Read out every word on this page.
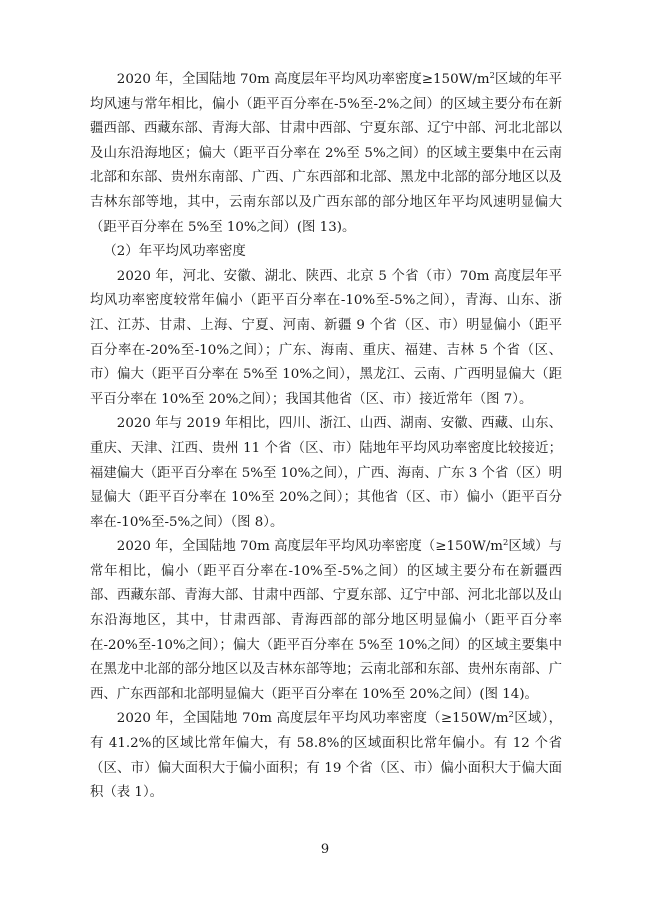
2020 年，全国陆地 70m 高度层年平均风功率密度$\ge 150W/m^2$区域的年平均风速与常年相比，偏小（距平百分率在-5%至-2%之间）的区域主要分布在新疆西部、西藏东部、青海大部、甘肃中西部、宁夏东部、辽宁中部、河北北部以及山东沿海地区；偏大（距平百分率在 2%至 5%之间）的区域主要集中在云南北部和东部、贵州东南部、广西、广东西部和北部、黑龙中北部的部分地区以及吉林东部等地，其中，云南东部以及广西东部的部分地区年平均风速明显偏大（距平百分率在 5%至 10%之间）(图 13)。

（2）年平均风功率密度

2020 年，河北、安徽、湖北、陕西、北京 5 个省（市）70m 高度层年平均风功率密度较常年偏小（距平百分率在-10%至-5%之间），青海、山东、浙江、江苏、甘肃、上海、宁夏、河南、新疆 9 个省（区、市）明显偏小（距平百分率在-20%至-10%之间）；广东、海南、重庆、福建、吉林 5 个省（区、市）偏大（距平百分率在 5%至 10%之间），黑龙江、云南、广西明显偏大（距平百分率在 10%至 20%之间）；我国其他省（区、市）接近常年（图 7）。

2020 年与 2019 年相比，四川、浙江、山西、湖南、安徽、西藏、山东、重庆、天津、江西、贵州 11 个省（区、市）陆地年平均风功率密度比较接近；福建偏大（距平百分率在 5%至 10%之间），广西、海南、广东 3 个省（区）明显偏大（距平百分率在 10%至 20%之间）；其他省（区、市）偏小（距平百分率在-10%至-5%之间）（图 8）。

2020 年，全国陆地 70m 高度层年平均风功率密度（$\ge 150W/m^2$区域）与常年相比，偏小（距平百分率在-10%至-5%之间）的区域主要分布在新疆西部、西藏东部、青海大部、甘肃中西部、宁夏东部、辽宁中部、河北北部以及山东沿海地区，其中，甘肃西部、青海西部的部分地区明显偏小（距平百分率在-20%至-10%之间）；偏大（距平百分率在 5%至 10%之间）的区域主要集中在黑龙中北部的部分地区以及吉林东部等地；云南北部和东部、贵州东南部、广西、广东西部和北部明显偏大（距平百分率在 10%至 20%之间）(图 14)。

2020 年，全国陆地 70m 高度层年平均风功率密度（$\ge 150W/m^2$区域），有 41.2%的区域比常年偏大，有 58.8%的区域面积比常年偏小。有 12 个省（区、市）偏大面积大于偏小面积；有 19 个省（区、市）偏小面积大于偏大面积（表 1）。

9
